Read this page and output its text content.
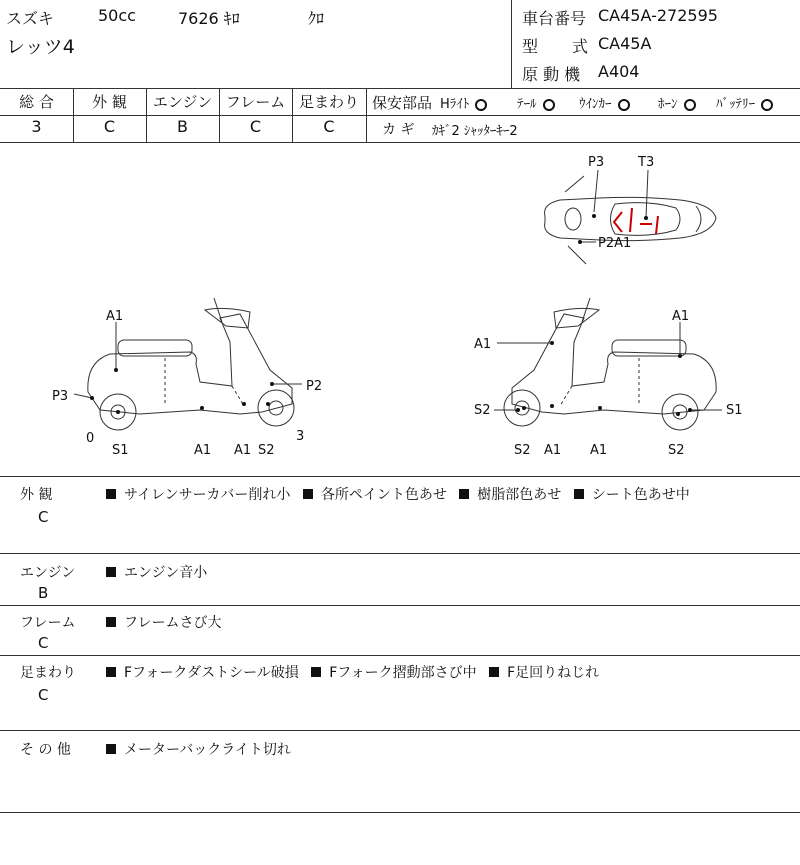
スズキ	50cc	7626 ｷﾛ	ｸﾛ
レッツ4
車台番号 CA45A-272595
型 式 CA45A
原 動 機 A404
総 合	外 観	エンジン フレーム 足まわり
3	C	B	C	C
保安部品 Hﾗｲﾄ	ﾃｰﾙ	ｳｲﾝｶｰ	ﾎｰﾝ	ﾊﾞｯﾃﾘｰ
カ ギ ｶｷﾞ2 ｼｬｯﾀｰｷｰ2
P3	T3
P2A1
A1
P3
0
S1	A1 A1 S2
P2
3
A1
A1
S2
S2 A1 A1
S1
S2
外 観
C
サイレンサーカバー削れ小 各所ペイント色あせ 樹脂部色あせ シート色あせ中
エンジン
B
エンジン音小
フレーム
C
フレームさび大
足まわり
C
Fフォークダストシール破損 Fフォーク摺動部さび中 F足回りねじれ
そ の 他	メーターバックライト切れ
